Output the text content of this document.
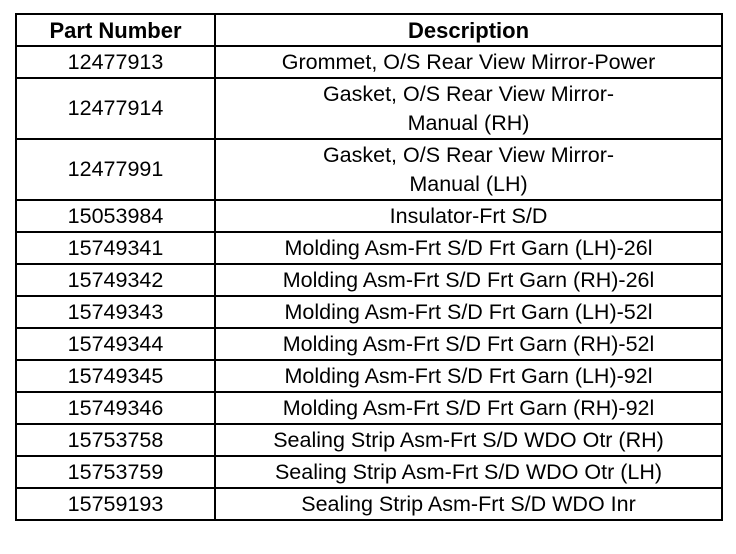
Part Number	Description
12477913	Grommet, O/S Rear View Mirror-Power

12477914	Gasket, O/S Rear View Mirror-
Manual (RH)

12477991	Gasket, O/S Rear View Mirror-
Manual (LH)

15053984	Insulator-Frt S/D

15749341	Molding Asm-Frt S/D Frt Garn (LH)-26l

15749342	Molding Asm-Frt S/D Frt Garn (RH)-26l

15749343	Molding Asm-Frt S/D Frt Garn (LH)-52l

15749344	Molding Asm-Frt S/D Frt Garn (RH)-52l

15749345	Molding Asm-Frt S/D Frt Garn (LH)-92l

15749346	Molding Asm-Frt S/D Frt Garn (RH)-92l

15753758	Sealing Strip Asm-Frt S/D WDO Otr (RH)

15753759	Sealing Strip Asm-Frt S/D WDO Otr (LH)

15759193	Sealing Strip Asm-Frt S/D WDO Inr
